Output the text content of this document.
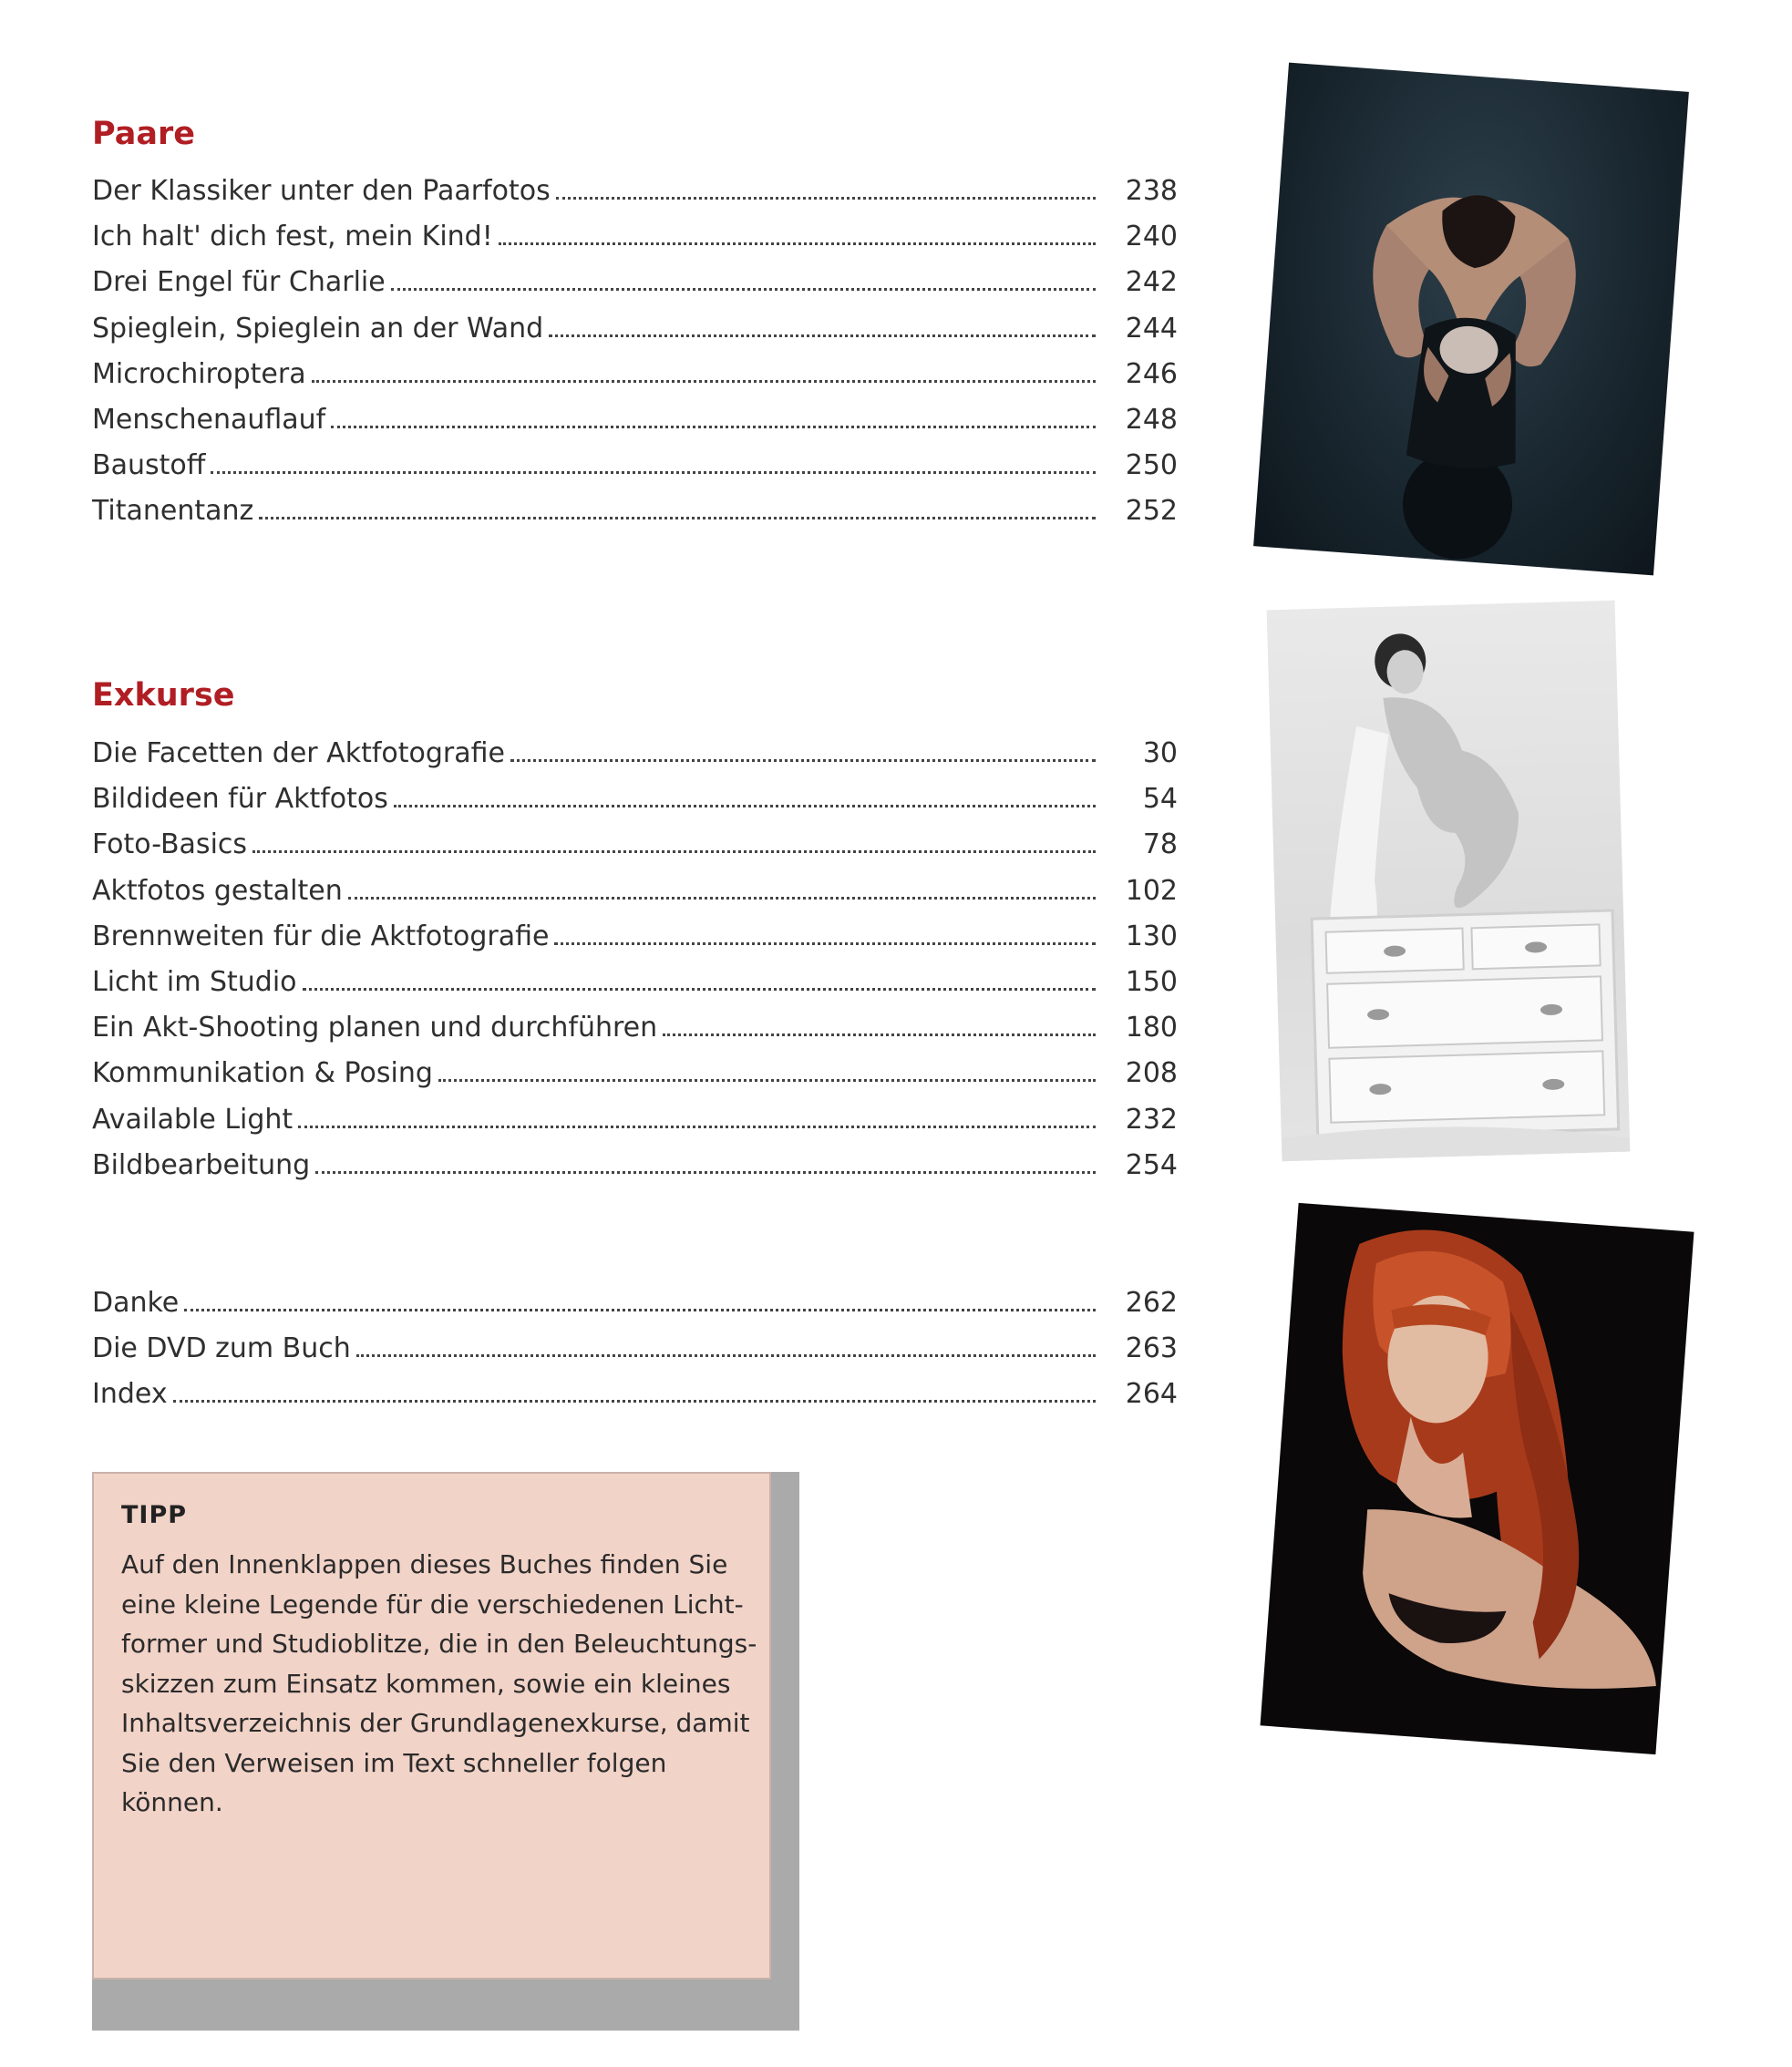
Paare
Der Klassiker unter den Paarfotos	238
Ich halt' dich fest, mein Kind!	240
Drei Engel für Charlie	242
Spieglein, Spieglein an der Wand	244
Microchiroptera	246
Menschenauflauf	248
Baustoff	250
Titanentanz	252
Exkurse
Die Facetten der Aktfotografie	30
Bildideen für Aktfotos	54
Foto-Basics	78
Aktfotos gestalten	102
Brennweiten für die Aktfotografie	130
Licht im Studio	150
Ein Akt-Shooting planen und durchführen	180
Kommunikation & Posing	208
Available Light	232
Bildbearbeitung	254
Danke	262
Die DVD zum Buch	263
Index	264

TIPP

Auf den Innenklappen dieses Buches finden Sie
eine kleine Legende für die verschiedenen Licht-
former und Studioblitze, die in den Beleuchtungs-
skizzen zum Einsatz kommen, sowie ein kleines
Inhaltsverzeichnis der Grundlagenexkurse, damit
Sie den Verweisen im Text schneller folgen können.
